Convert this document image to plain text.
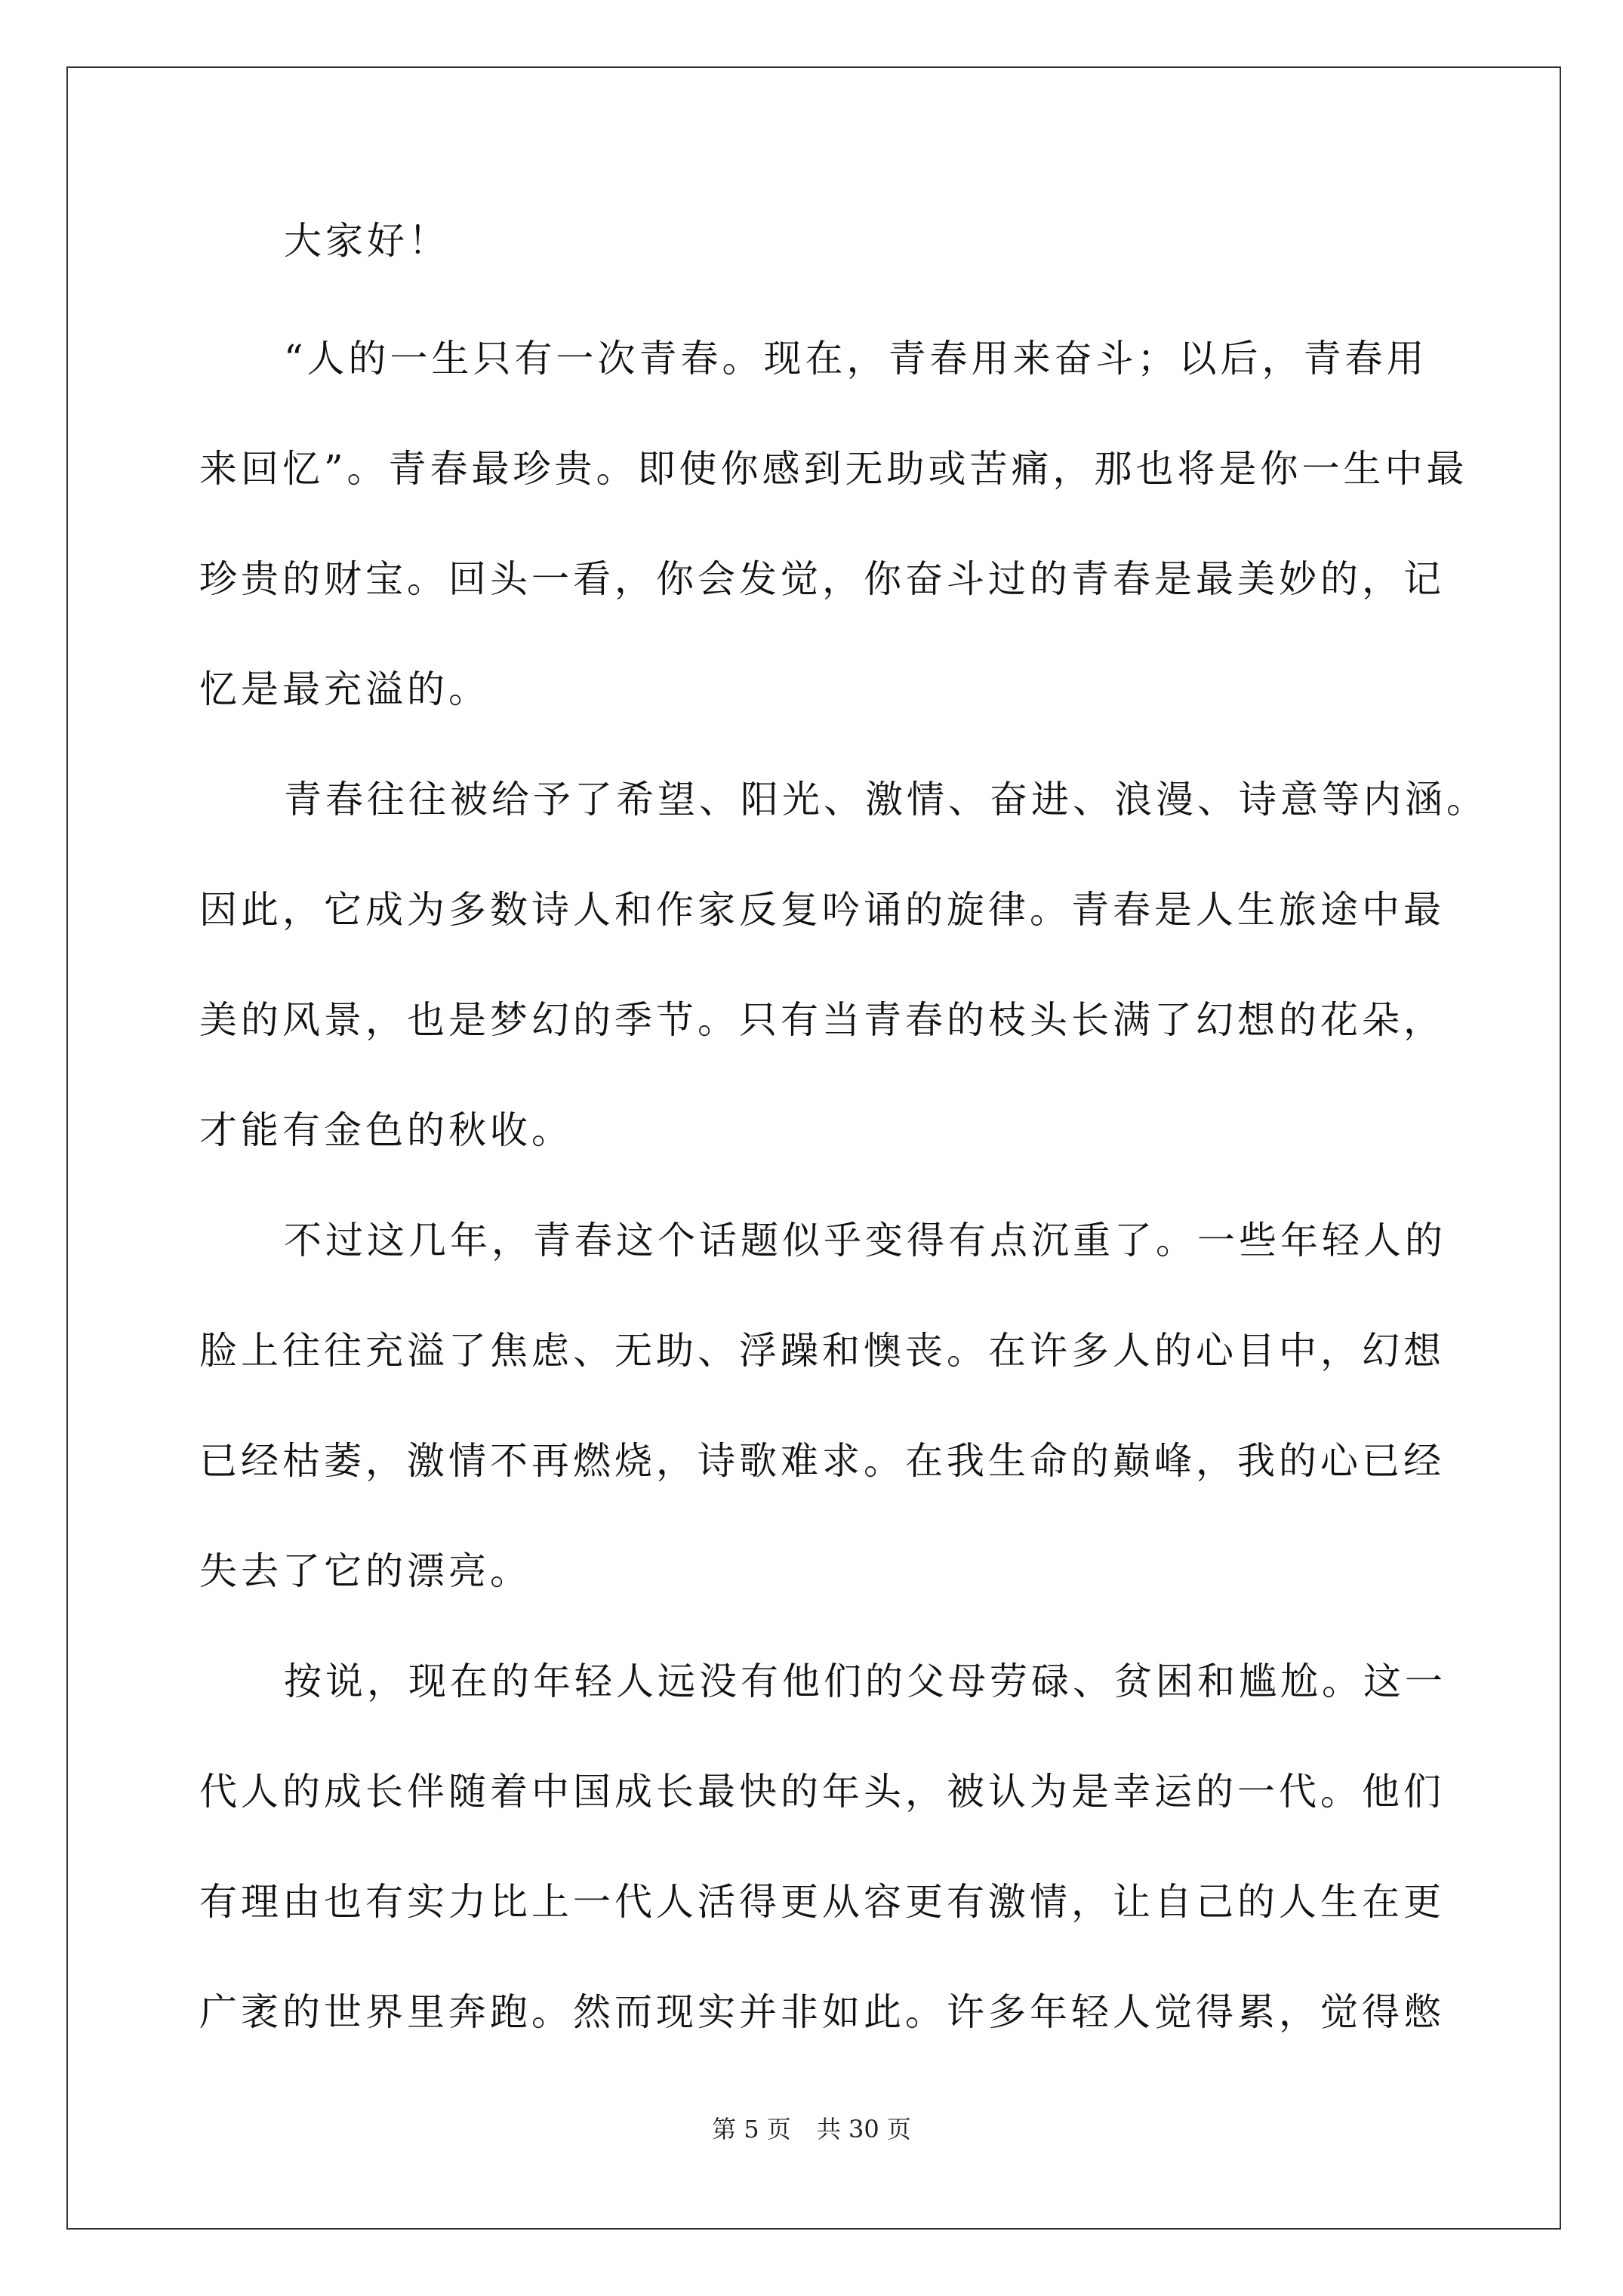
大家好！
“人的一生只有一次青春。现在，青春用来奋斗；以后，青春用
来回忆”。青春最珍贵。即使你感到无助或苦痛，那也将是你一生中最
珍贵的财宝。回头一看，你会发觉，你奋斗过的青春是最美妙的，记
忆是最充溢的。
青春往往被给予了希望、阳光、激情、奋进、浪漫、诗意等内涵。
因此，它成为多数诗人和作家反复吟诵的旋律。青春是人生旅途中最
美的风景，也是梦幻的季节。只有当青春的枝头长满了幻想的花朵，
才能有金色的秋收。
不过这几年，青春这个话题似乎变得有点沉重了。一些年轻人的
脸上往往充溢了焦虑、无助、浮躁和懊丧。在许多人的心目中，幻想
已经枯萎，激情不再燃烧，诗歌难求。在我生命的巅峰，我的心已经
失去了它的漂亮。
按说，现在的年轻人远没有他们的父母劳碌、贫困和尴尬。这一
代人的成长伴随着中国成长最快的年头，被认为是幸运的一代。他们
有理由也有实力比上一代人活得更从容更有激情，让自己的人生在更
广袤的世界里奔跑。然而现实并非如此。许多年轻人觉得累，觉得憋
第 5 页 共 30 页
